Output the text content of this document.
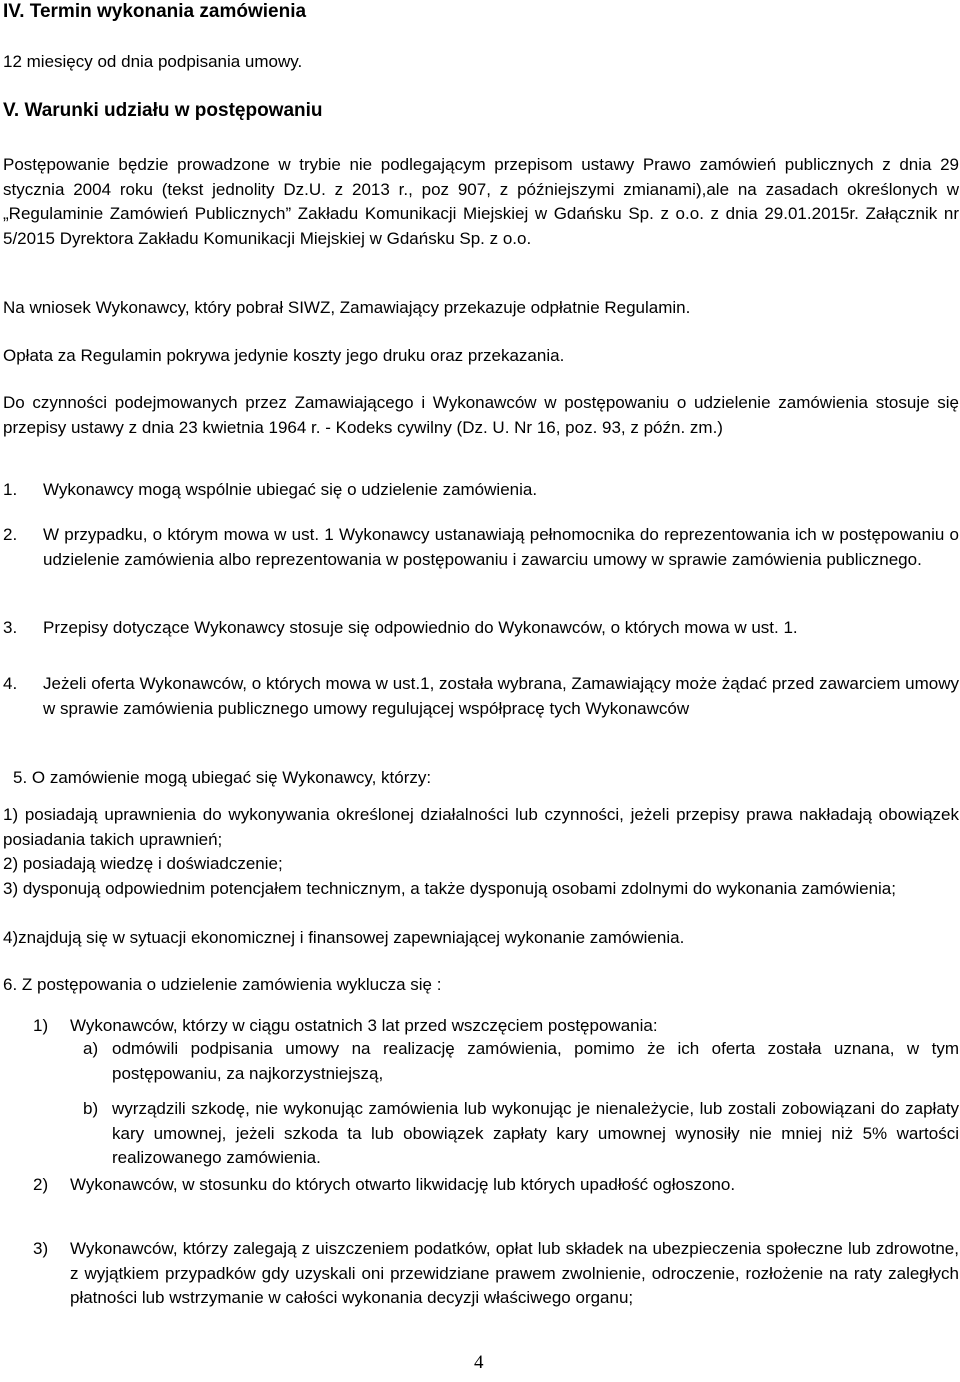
IV. Termin wykonania zamówienia
12 miesięcy od dnia podpisania umowy.
V. Warunki udziału w postępowaniu
Postępowanie będzie prowadzone w trybie nie podlegającym przepisom ustawy Prawo zamówień publicznych z dnia 29 stycznia 2004 roku (tekst jednolity Dz.U. z 2013 r., poz 907, z późniejszymi zmianami),ale na zasadach określonych w „Regulaminie Zamówień Publicznych” Zakładu Komunikacji Miejskiej w Gdańsku Sp. z o.o. z dnia 29.01.2015r. Załącznik nr 5/2015 Dyrektora Zakładu Komunikacji Miejskiej w Gdańsku Sp. z o.o.
Na wniosek Wykonawcy, który pobrał SIWZ, Zamawiający przekazuje odpłatnie Regulamin.
Opłata za Regulamin pokrywa jedynie koszty jego druku oraz przekazania.
Do czynności podejmowanych przez Zamawiającego i Wykonawców w postępowaniu o udzielenie zamówienia stosuje się przepisy ustawy z dnia 23 kwietnia 1964 r. - Kodeks cywilny (Dz. U. Nr 16, poz. 93, z późn. zm.)
1. Wykonawcy mogą wspólnie ubiegać się o udzielenie zamówienia.
2. W przypadku, o którym mowa w ust. 1 Wykonawcy ustanawiają pełnomocnika do reprezentowania ich w postępowaniu o udzielenie zamówienia albo reprezentowania w postępowaniu i zawarciu umowy w sprawie zamówienia publicznego.
3. Przepisy dotyczące Wykonawcy stosuje się odpowiednio do Wykonawców, o których mowa w ust. 1.
4. Jeżeli oferta Wykonawców, o których mowa w ust.1, została wybrana, Zamawiający może żądać przed zawarciem umowy w sprawie zamówienia publicznego umowy regulującej współpracę tych Wykonawców
5. O zamówienie mogą ubiegać się Wykonawcy, którzy:
1) posiadają uprawnienia do wykonywania określonej działalności lub czynności, jeżeli przepisy prawa nakładają obowiązek posiadania takich uprawnień;
2) posiadają wiedzę i doświadczenie;
3) dysponują odpowiednim potencjałem technicznym, a także dysponują osobami zdolnymi do wykonania zamówienia;
4)znajdują się w sytuacji ekonomicznej i finansowej zapewniającej wykonanie zamówienia.
6. Z postępowania o udzielenie zamówienia wyklucza się :
1) Wykonawców, którzy w ciągu ostatnich 3 lat przed wszczęciem postępowania:
a) odmówili podpisania umowy na realizację zamówienia, pomimo że ich oferta została uznana, w tym postępowaniu, za najkorzystniejszą,
b) wyrządzili szkodę, nie wykonując zamówienia lub wykonując je nienależycie, lub zostali zobowiązani do zapłaty kary umownej, jeżeli szkoda ta lub obowiązek zapłaty kary umownej wynosiły nie mniej niż 5% wartości realizowanego zamówienia.
2) Wykonawców, w stosunku do których otwarto likwidację lub których upadłość ogłoszono.
3) Wykonawców, którzy zalegają z uiszczeniem podatków, opłat lub składek na ubezpieczenia społeczne lub zdrowotne, z wyjątkiem przypadków gdy uzyskali oni przewidziane prawem zwolnienie, odroczenie, rozłożenie na raty zaległych płatności lub wstrzymanie w całości wykonania decyzji właściwego organu;
4
